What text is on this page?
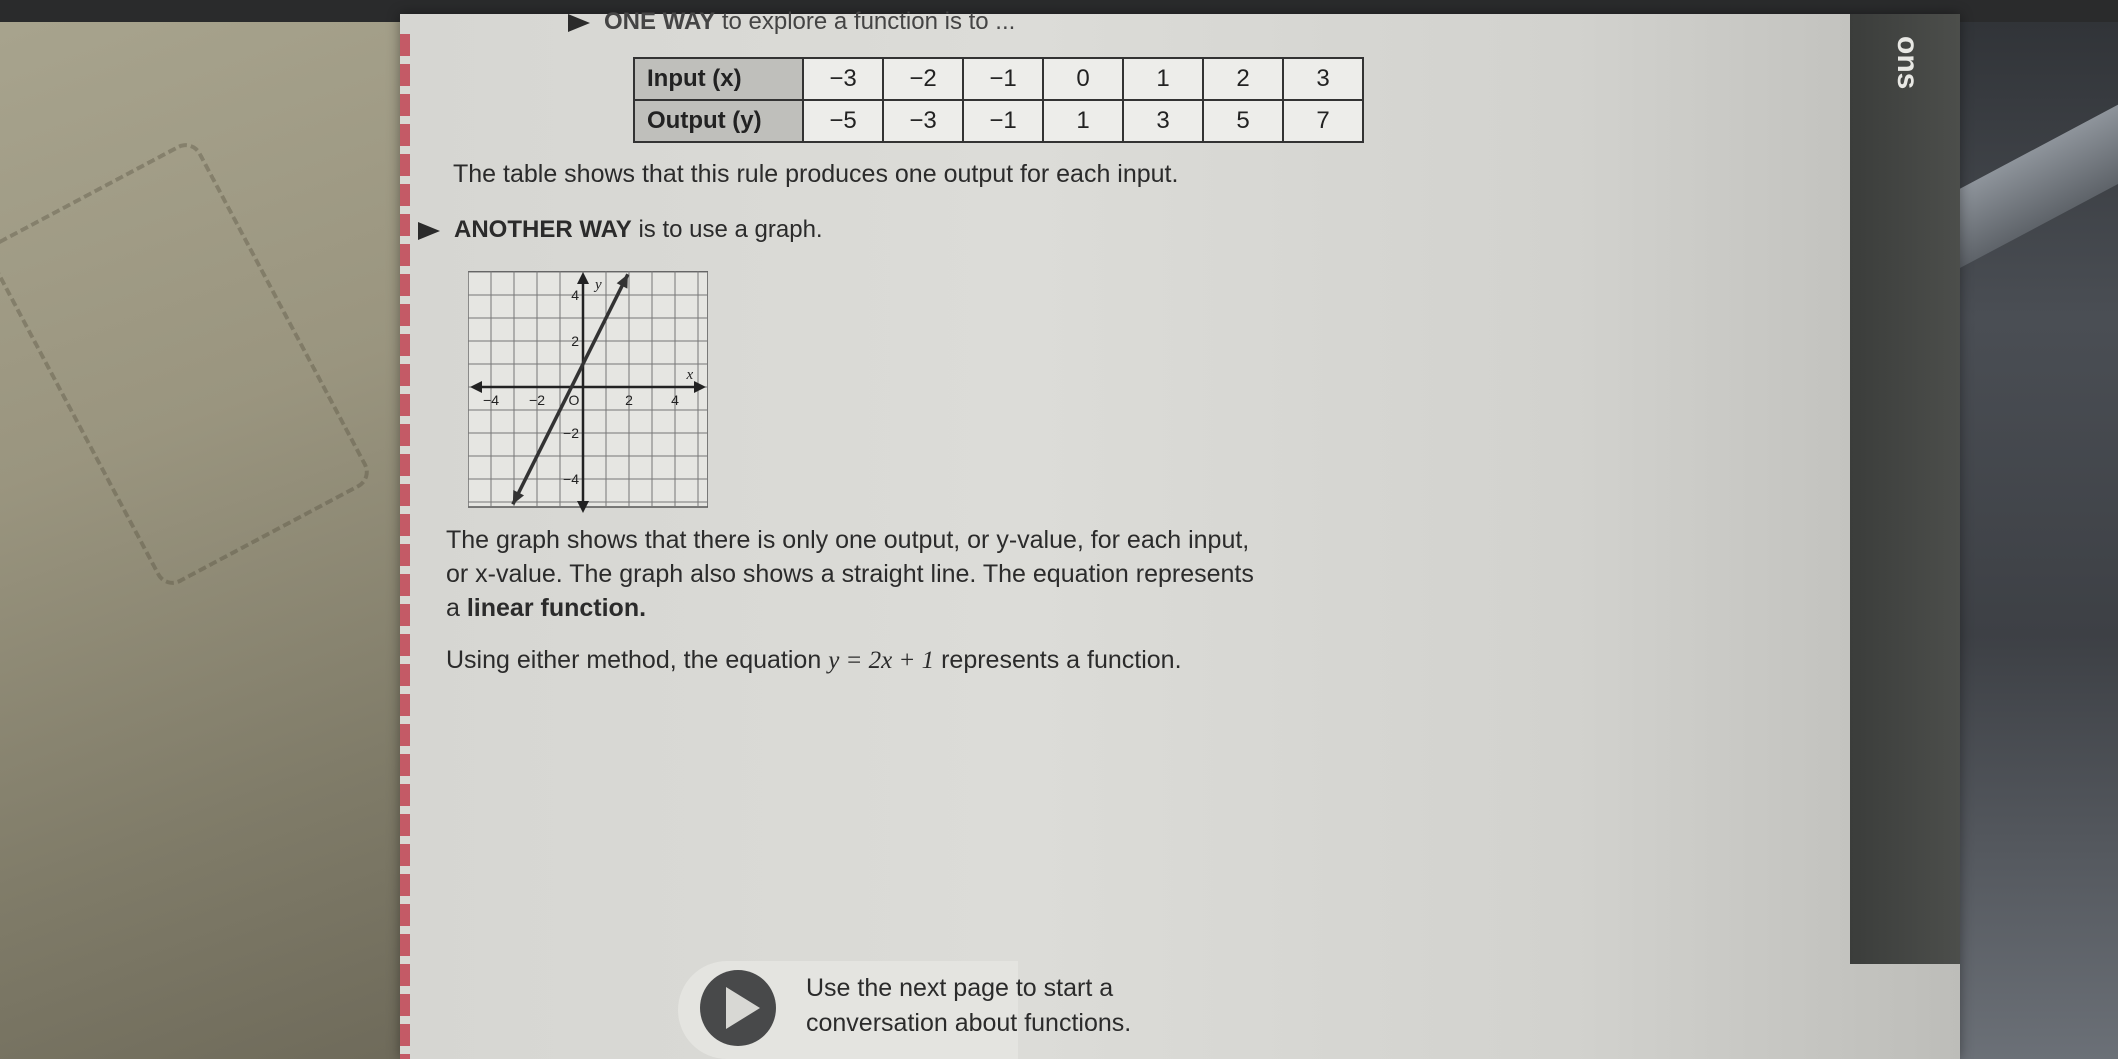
ons
ONE WAY to explore a function is to ...
Input (x)	−3	−2	−1	0	1	2	3
Output (y)	−5	−3	−1	1	3	5	7
The table shows that this rule produces one output for each input.
ANOTHER WAY is to use a graph.
−4 −2	2	4
4
2
−2
−4
O
y
x
The graph shows that there is only one output, or y-value, for each input,
or x-value. The graph also shows a straight line. The equation represents
a linear function.
Using either method, the equation y = 2x + 1 represents a function.
Use the next page to start a
conversation about functions.
